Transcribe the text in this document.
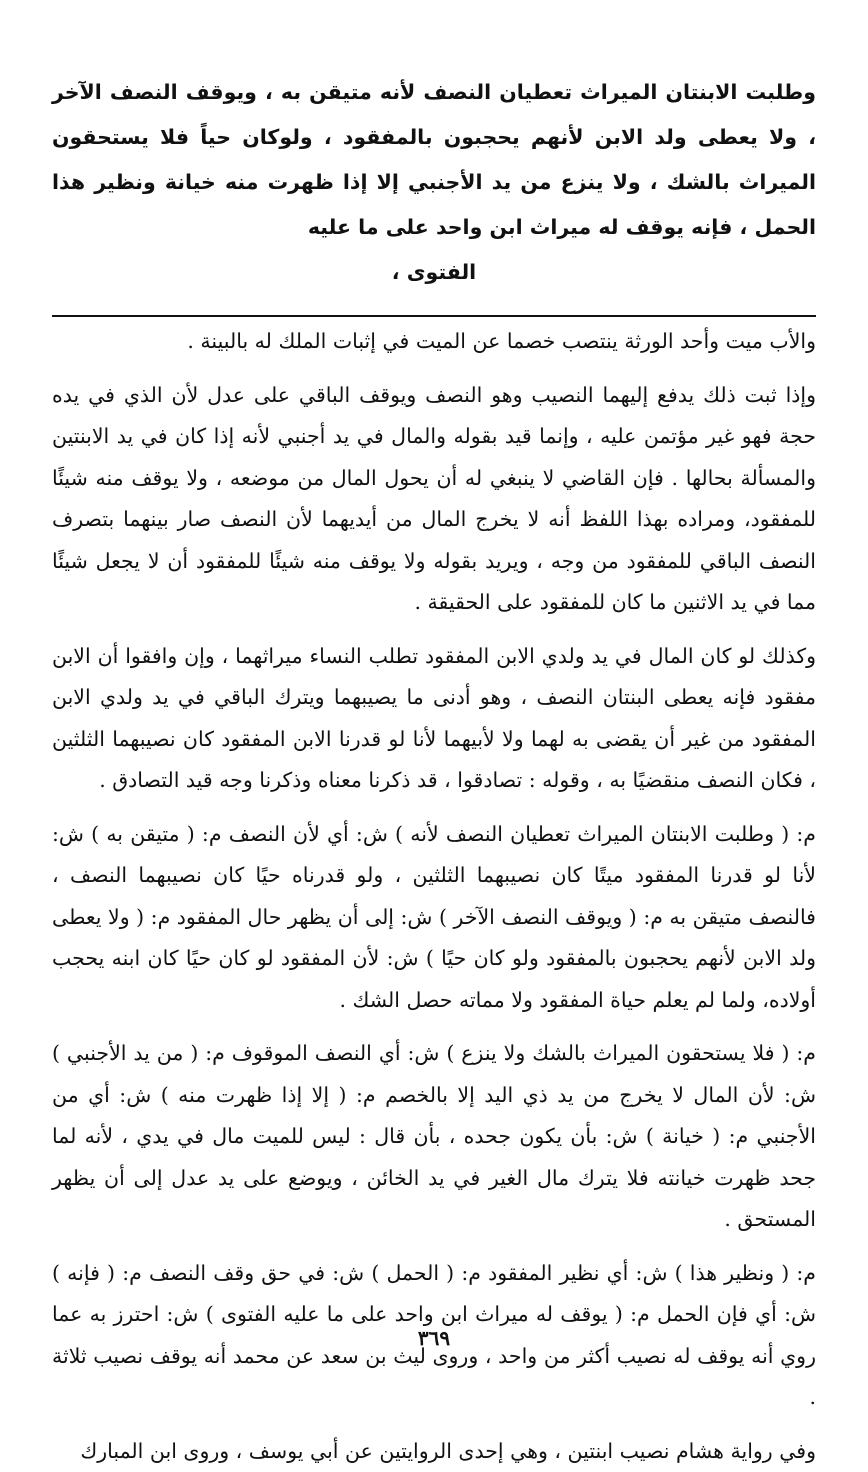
وطلبت الابنتان الميراث تعطيان النصف لأنه متيقن به ، ويوقف النصف الآخر ، ولا يعطى ولد الابن لأنهم يحجبون بالمفقود ، ولوكان حياً فلا يستحقون الميراث بالشك ، ولا ينزع من يد الأجنبي إلا إذا ظهرت منه خيانة ونظير هذا الحمل ، فإنه يوقف له ميراث ابن واحد على ما عليه

الفتوى ،

والأب ميت وأحد الورثة ينتصب خصما عن الميت في إثبات الملك له بالبينة .

وإذا ثبت ذلك يدفع إليهما النصيب وهو النصف ويوقف الباقي على عدل لأن الذي في يده حجة فهو غير مؤتمن عليه ، وإنما قيد بقوله والمال في يد أجنبي لأنه إذا كان في يد الابنتين والمسألة بحالها . فإن القاضي لا ينبغي له أن يحول المال من موضعه ، ولا يوقف منه شيئًا للمفقود، ومراده بهذا اللفظ أنه لا يخرج المال من أيديهما لأن النصف صار بينهما بتصرف النصف الباقي للمفقود من وجه ، ويريد بقوله ولا يوقف منه شيئًا للمفقود أن لا يجعل شيئًا مما في يد الاثنين ما كان للمفقود على الحقيقة .

وكذلك لو كان المال في يد ولدي الابن المفقود تطلب النساء ميراثهما ، وإن وافقوا أن الابن مفقود فإنه يعطى البنتان النصف ، وهو أدنى ما يصيبهما ويترك الباقي في يد ولدي الابن المفقود من غير أن يقضى به لهما ولا لأبيهما لأنا لو قدرنا الابن المفقود كان نصيبهما الثلثين ، فكان النصف منقضيًا به ، وقوله : تصادقوا ، قد ذكرنا معناه وذكرنا وجه قيد التصادق .

م: ( وطلبت الابنتان الميراث تعطيان النصف لأنه ) ش: أي لأن النصف م: ( متيقن به ) ش: لأنا لو قدرنا المفقود ميتًا كان نصيبهما الثلثين ، ولو قدرناه حيًا كان نصيبهما النصف ، فالنصف متيقن به م: ( ويوقف النصف الآخر ) ش: إلى أن يظهر حال المفقود م: ( ولا يعطى ولد الابن لأنهم يحجبون بالمفقود ولو كان حيًا ) ش: لأن المفقود لو كان حيًا كان ابنه يحجب أولاده، ولما لم يعلم حياة المفقود ولا مماته حصل الشك .

م: ( فلا يستحقون الميراث بالشك ولا ينزع ) ش: أي النصف الموقوف م: ( من يد الأجنبي ) ش: لأن المال لا يخرج من يد ذي اليد إلا بالخصم م: ( إلا إذا ظهرت منه ) ش: أي من الأجنبي م: ( خيانة ) ش: بأن يكون جحده ، بأن قال : ليس للميت مال في يدي ، لأنه لما جحد ظهرت خيانته فلا يترك مال الغير في يد الخائن ، ويوضع على يد عدل إلى أن يظهر المستحق .

م: ( ونظير هذا ) ش: أي نظير المفقود م: ( الحمل ) ش: في حق وقف النصف م: ( فإنه ) ش: أي فإن الحمل م: ( يوقف له ميراث ابن واحد على ما عليه الفتوى ) ش: احترز به عما روي أنه يوقف له نصيب أكثر من واحد ، وروى ليث بن سعد عن محمد أنه يوقف نصيب ثلاثة .

وفي رواية هشام نصيب ابنتين ، وهي إحدى الروايتين عن أبي يوسف ، وروى ابن المبارك

٣٦٩
